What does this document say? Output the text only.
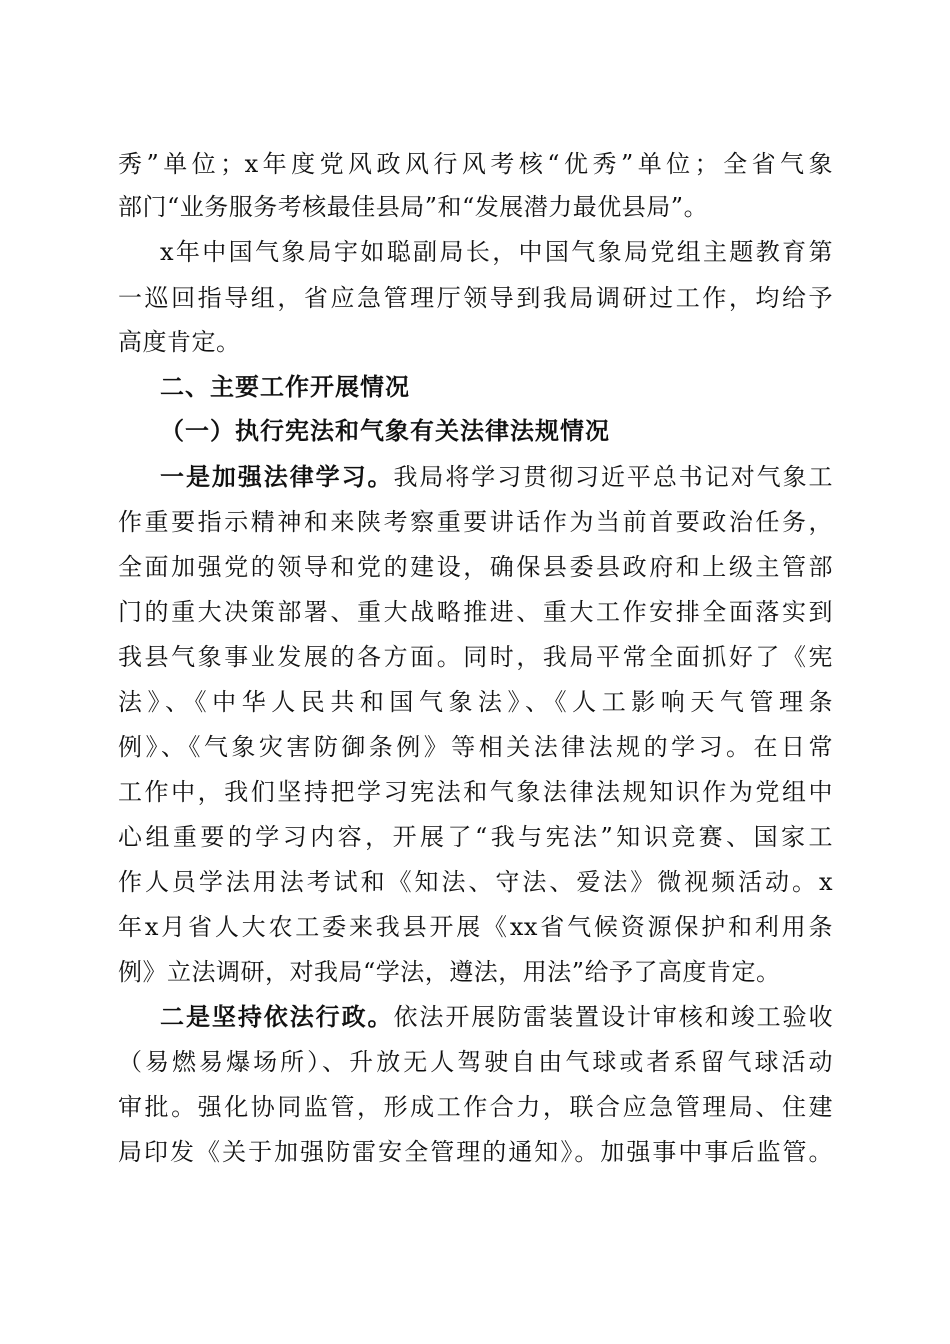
秀”单位；x年度党风政风行风考核“优秀”单位；全省气象
部门“业务服务考核最佳县局”和“发展潜力最优县局”。
x年中国气象局宇如聪副局长，中国气象局党组主题教育第
一巡回指导组，省应急管理厅领导到我局调研过工作，均给予
高度肯定。
二、主要工作开展情况
（一）执行宪法和气象有关法律法规情况
一是加强法律学习。我局将学习贯彻习近平总书记对气象工
作重要指示精神和来陕考察重要讲话作为当前首要政治任务，
全面加强党的领导和党的建设，确保县委县政府和上级主管部
门的重大决策部署、重大战略推进、重大工作安排全面落实到
我县气象事业发展的各方面。同时，我局平常全面抓好了《宪
法》、《中华人民共和国气象法》、《人工影响天气管理条
例》、《气象灾害防御条例》等相关法律法规的学习。在日常
工作中，我们坚持把学习宪法和气象法律法规知识作为党组中
心组重要的学习内容，开展了“我与宪法”知识竞赛、国家工
作人员学法用法考试和《知法、守法、爱法》微视频活动。x
年x月省人大农工委来我县开展《xx省气候资源保护和利用条
例》立法调研，对我局“学法，遵法，用法”给予了高度肯定。
二是坚持依法行政。依法开展防雷装置设计审核和竣工验收
（易燃易爆场所）、升放无人驾驶自由气球或者系留气球活动
审批。强化协同监管，形成工作合力，联合应急管理局、住建
局印发《关于加强防雷安全管理的通知》。加强事中事后监管。
